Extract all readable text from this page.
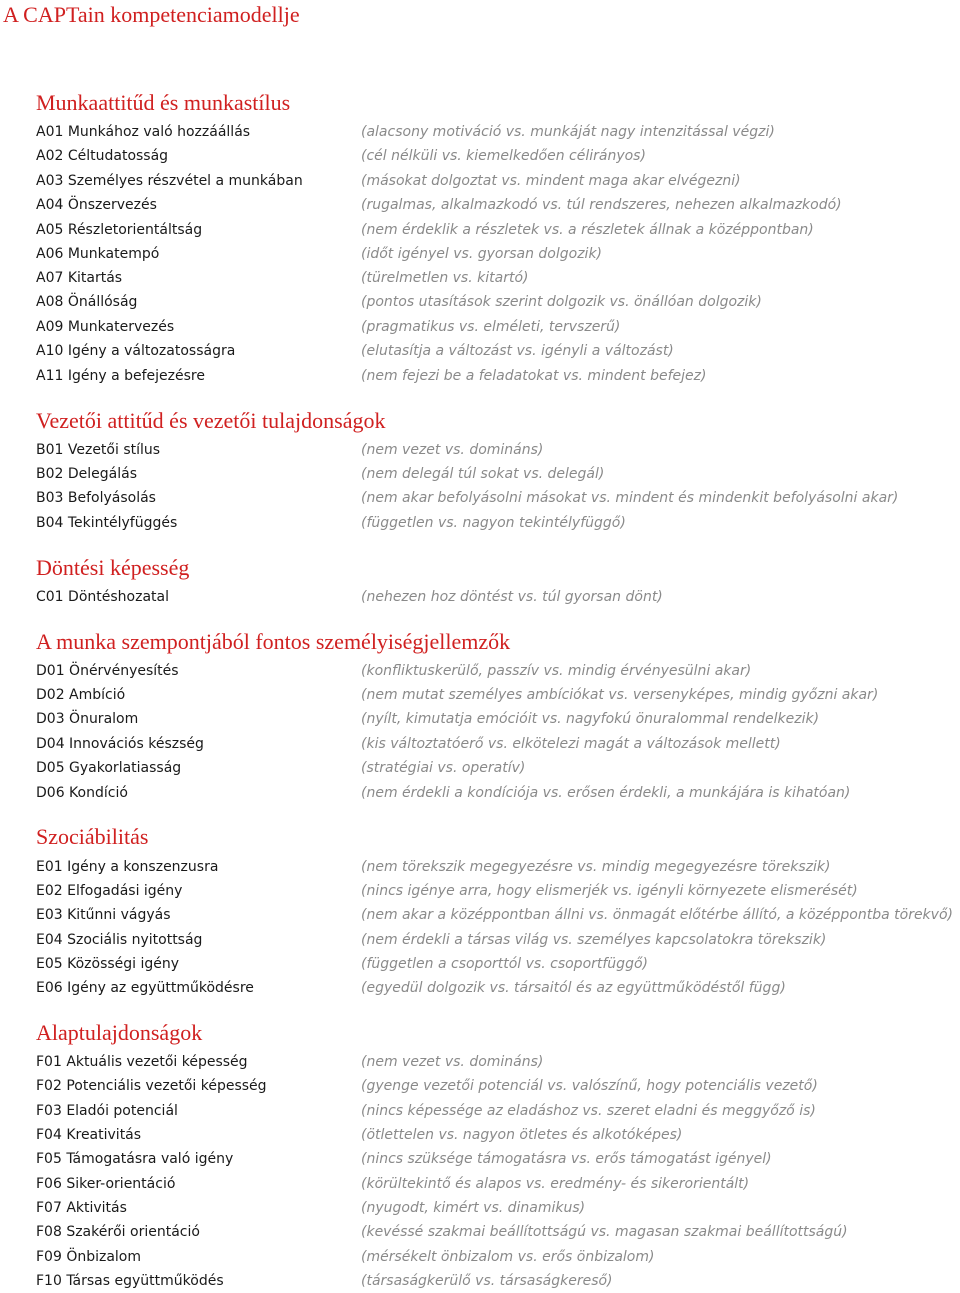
A CAPTain kompetenciamodellje
Munkaattitűd és munkastílus
A01 Munkához való hozzáállás	(alacsony motiváció vs. munkáját nagy intenzitással végzi)
A02 Céltudatosság	(cél nélküli vs. kiemelkedően célirányos)
A03 Személyes részvétel a munkában	(másokat dolgoztat vs. mindent maga akar elvégezni)
A04 Önszervezés	(rugalmas, alkalmazkodó vs. túl rendszeres, nehezen alkalmazkodó)
A05 Részletorientáltság	(nem érdeklik a részletek vs. a részletek állnak a középpontban)
A06 Munkatempó	(időt igényel vs. gyorsan dolgozik)
A07 Kitartás	(türelmetlen vs. kitartó)
A08 Önállóság	(pontos utasítások szerint dolgozik vs. önállóan dolgozik)
A09 Munkatervezés	(pragmatikus vs. elméleti, tervszerű)
A10 Igény a változatosságra	(elutasítja a változást vs. igényli a változást)
A11 Igény a befejezésre	(nem fejezi be a feladatokat vs. mindent befejez)
Vezetői attitűd és vezetői tulajdonságok
B01 Vezetői stílus	(nem vezet vs. domináns)
B02 Delegálás	(nem delegál túl sokat vs. delegál)
B03 Befolyásolás	(nem akar befolyásolni másokat vs. mindent és mindenkit befolyásolni akar)
B04 Tekintélyfüggés	(független vs. nagyon tekintélyfüggő)
Döntési képesség
C01 Döntéshozatal	(nehezen hoz döntést vs. túl gyorsan dönt)
A munka szempontjából fontos személyiségjellemzők
D01 Önérvényesítés	(konfliktuskerülő, passzív vs. mindig érvényesülni akar)
D02 Ambíció	(nem mutat személyes ambíciókat vs. versenyképes, mindig győzni akar)
D03 Önuralom	(nyílt, kimutatja emócióit vs. nagyfokú önuralommal rendelkezik)
D04 Innovációs készség	(kis változtatóerő vs. elkötelezi magát a változások mellett)
D05 Gyakorlatiasság	(stratégiai vs. operatív)
D06 Kondíció	(nem érdekli a kondíciója vs. erősen érdekli, a munkájára is kihatóan)
Szociábilitás
E01 Igény a konszenzusra	(nem törekszik megegyezésre vs. mindig megegyezésre törekszik)
E02 Elfogadási igény	(nincs igénye arra, hogy elismerjék vs. igényli környezete elismerését)
E03 Kitűnni vágyás	(nem akar a középpontban állni vs. önmagát előtérbe állító, a középpontba törekvő)
E04 Szociális nyitottság	(nem érdekli a társas világ vs. személyes kapcsolatokra törekszik)
E05 Közösségi igény	(független a csoporttól vs. csoportfüggő)
E06 Igény az együttműködésre	(egyedül dolgozik vs. társaitól és az együttműködéstől függ)
Alaptulajdonságok
F01 Aktuális vezetői képesség	(nem vezet vs. domináns)
F02 Potenciális vezetői képesség	(gyenge vezetői potenciál vs. valószínű, hogy potenciális vezető)
F03 Eladói potenciál	(nincs képessége az eladáshoz vs. szeret eladni és meggyőző is)
F04 Kreativitás	(ötlettelen vs. nagyon ötletes és alkotóképes)
F05 Támogatásra való igény	(nincs szüksége támogatásra vs. erős támogatást igényel)
F06 Siker-orientáció	(körültekintő és alapos vs. eredmény- és sikerorientált)
F07 Aktivitás	(nyugodt, kimért vs. dinamikus)
F08 Szakérői orientáció	(kevéssé szakmai beállítottságú vs. magasan szakmai beállítottságú)
F09 Önbizalom	(mérsékelt önbizalom vs. erős önbizalom)
F10 Társas együttműködés	(társaságkerülő vs. társaságkereső)
